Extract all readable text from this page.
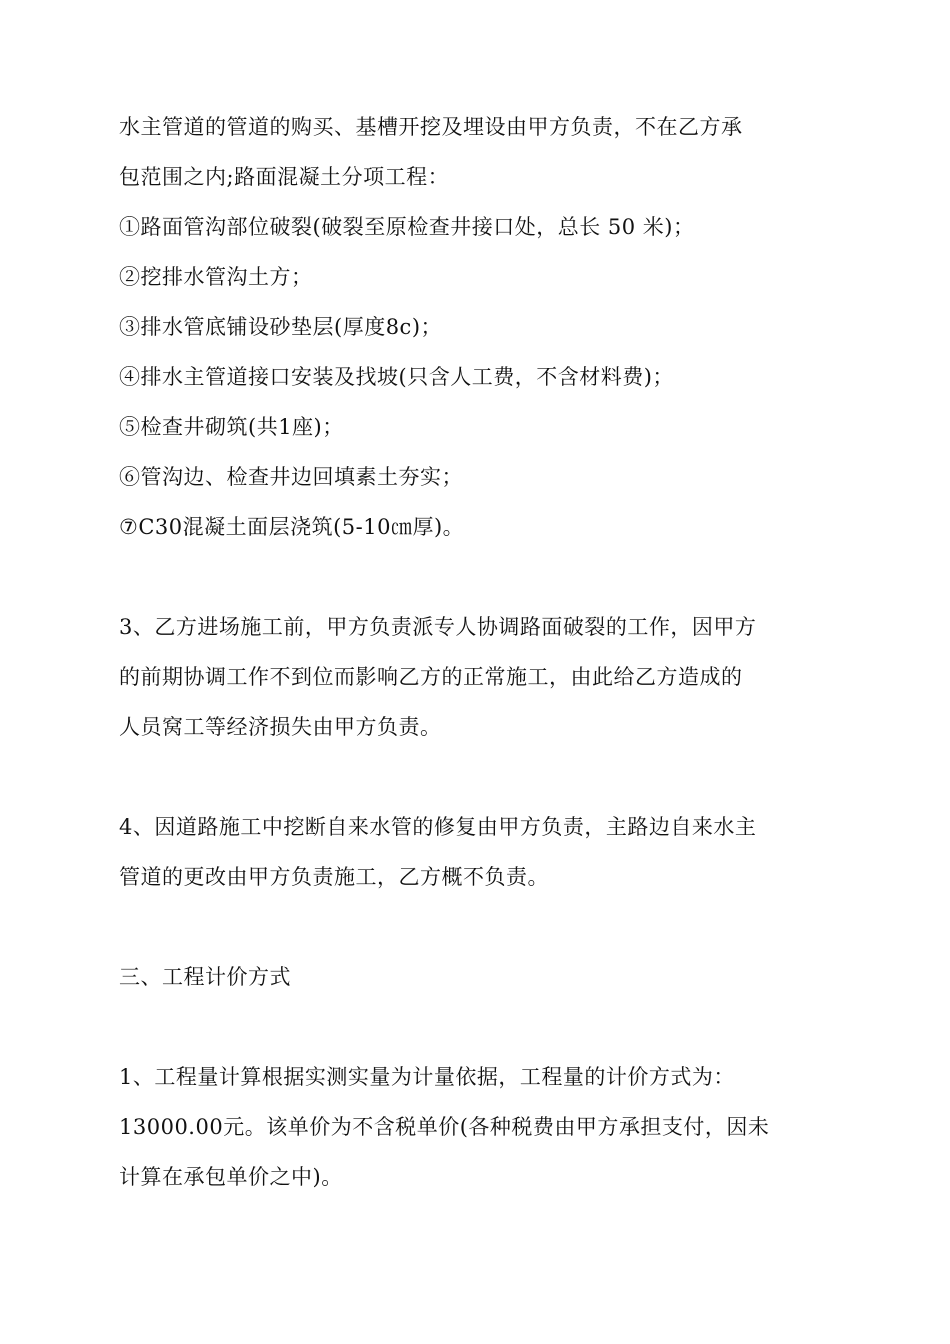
水主管道的管道的购买、基槽开挖及埋设由甲方负责，不在乙方承
包范围之内;路面混凝土分项工程：
①路面管沟部位破裂(破裂至原检查井接口处，总长 50 米)；
②挖排水管沟土方；
③排水管底铺设砂垫层(厚度8c)；
④排水主管道接口安装及找坡(只含人工费，不含材料费)；
⑤检查井砌筑(共1座)；
⑥管沟边、检查井边回填素土夯实；
⑦C30混凝土面层浇筑(5-10㎝厚)。
3、乙方进场施工前，甲方负责派专人协调路面破裂的工作，因甲方
的前期协调工作不到位而影响乙方的正常施工，由此给乙方造成的
人员窝工等经济损失由甲方负责。
4、因道路施工中挖断自来水管的修复由甲方负责，主路边自来水主
管道的更改由甲方负责施工，乙方概不负责。
三、工程计价方式
1、工程量计算根据实测实量为计量依据，工程量的计价方式为：
13000.00元。该单价为不含税单价(各种税费由甲方承担支付，因未
计算在承包单价之中)。
